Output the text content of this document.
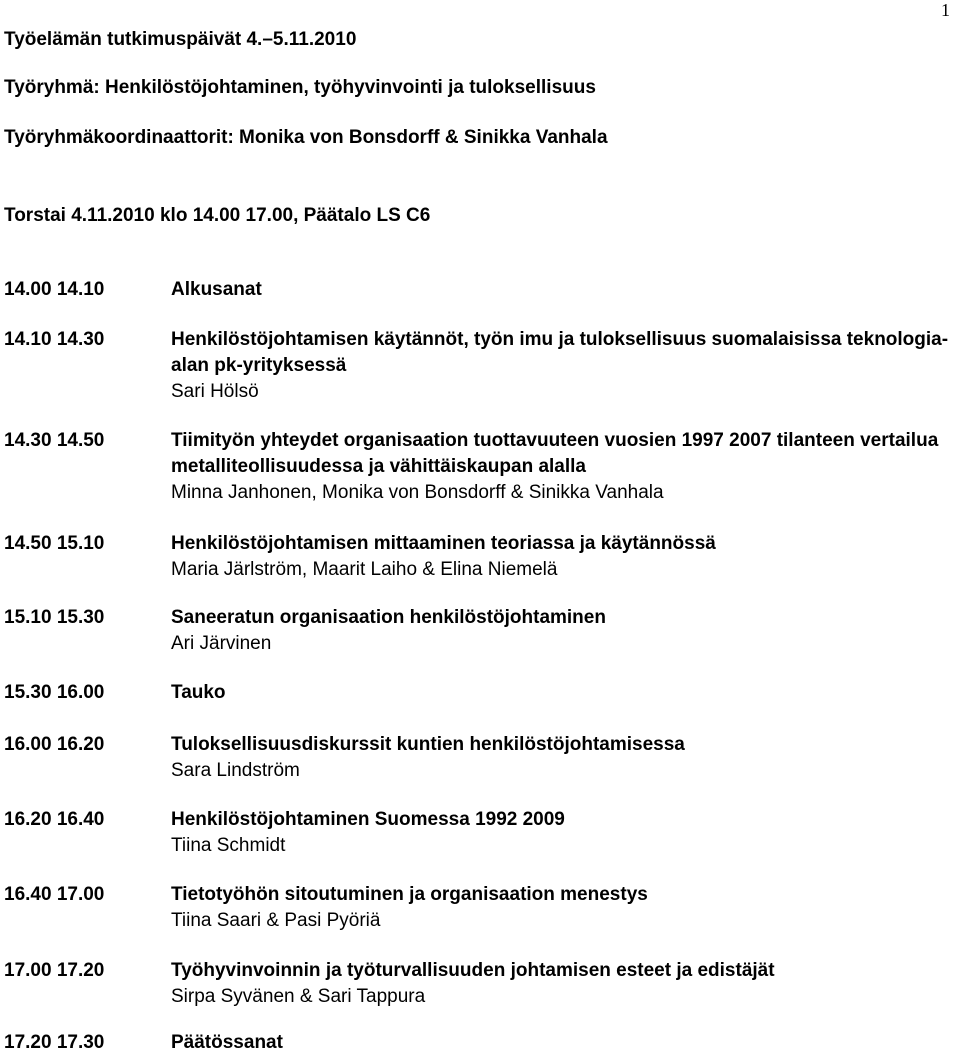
1
Työelämän tutkimuspäivät 4.–5.11.2010
Työryhmä: Henkilöstöjohtaminen, työhyvinvointi ja tuloksellisuus
Työryhmäkoordinaattorit: Monika von Bonsdorff & Sinikka Vanhala
Torstai 4.11.2010 klo 14.00 17.00, Päätalo LS C6
14.00 14.10	Alkusanat
14.10 14.30	Henkilöstöjohtamisen käytännöt, työn imu ja tuloksellisuus suomalaisissa teknologia-alan pk-yrityksessä
Sari Hölsö
14.30 14.50	Tiimityön yhteydet organisaation tuottavuuteen vuosien 1997 2007 tilanteen vertailua metalliteollisuudessa ja vähittäiskaupan alalla
Minna Janhonen, Monika von Bonsdorff & Sinikka Vanhala
14.50 15.10	Henkilöstöjohtamisen mittaaminen teoriassa ja käytännössä
Maria Järlström, Maarit Laiho & Elina Niemelä
15.10 15.30	Saneeratun organisaation henkilöstöjohtaminen
Ari Järvinen
15.30 16.00	Tauko
16.00 16.20	Tuloksellisuusdiskurssit kuntien henkilöstöjohtamisessa
Sara Lindström
16.20 16.40	Henkilöstöjohtaminen Suomessa 1992 2009
Tiina Schmidt
16.40 17.00	Tietotyöhön sitoutuminen ja organisaation menestys
Tiina Saari & Pasi Pyöriä
17.00 17.20	Työhyvinvoinnin ja työturvallisuuden johtamisen esteet ja edistäjät
Sirpa Syvänen & Sari Tappura
17.20 17.30	Päätössanat
